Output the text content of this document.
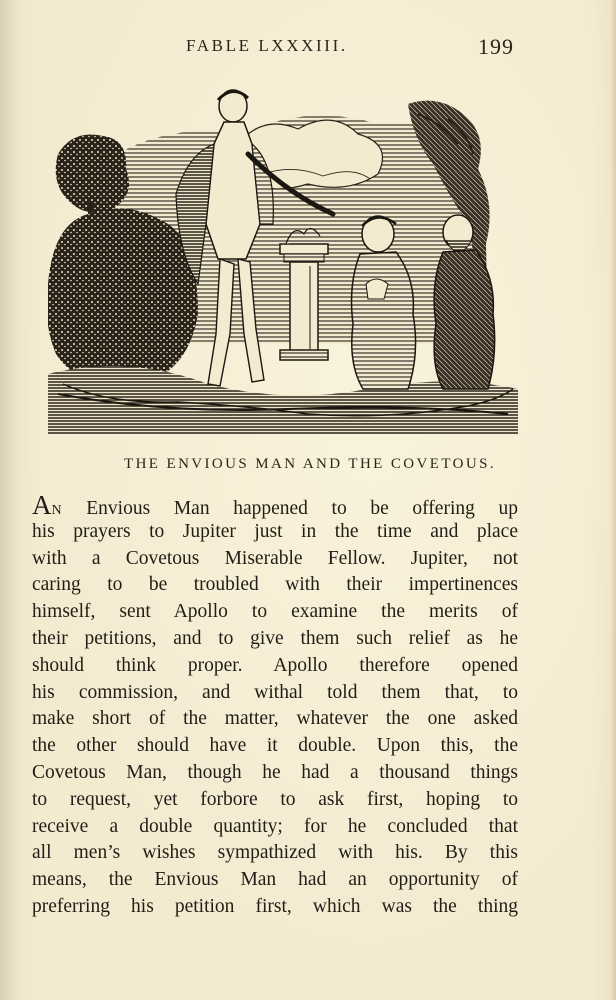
FABLE LXXXIII.	199
THE ENVIOUS MAN AND THE COVETOUS.
AN Envious Man happened to be offering up
his prayers to Jupiter just in the time and place
with a Covetous Miserable Fellow. Jupiter, not
caring to be troubled with their impertinences
himself, sent Apollo to examine the merits of
their petitions, and to give them such relief as he
should think proper. Apollo therefore opened
his commission, and withal told them that, to
make short of the matter, whatever the one asked
the other should have it double. Upon this, the
Covetous Man, though he had a thousand things
to request, yet forbore to ask first, hoping to
receive a double quantity; for he concluded that
all men’s wishes sympathized with his. By this
means, the Envious Man had an opportunity of
preferring his petition first, which was the thing
